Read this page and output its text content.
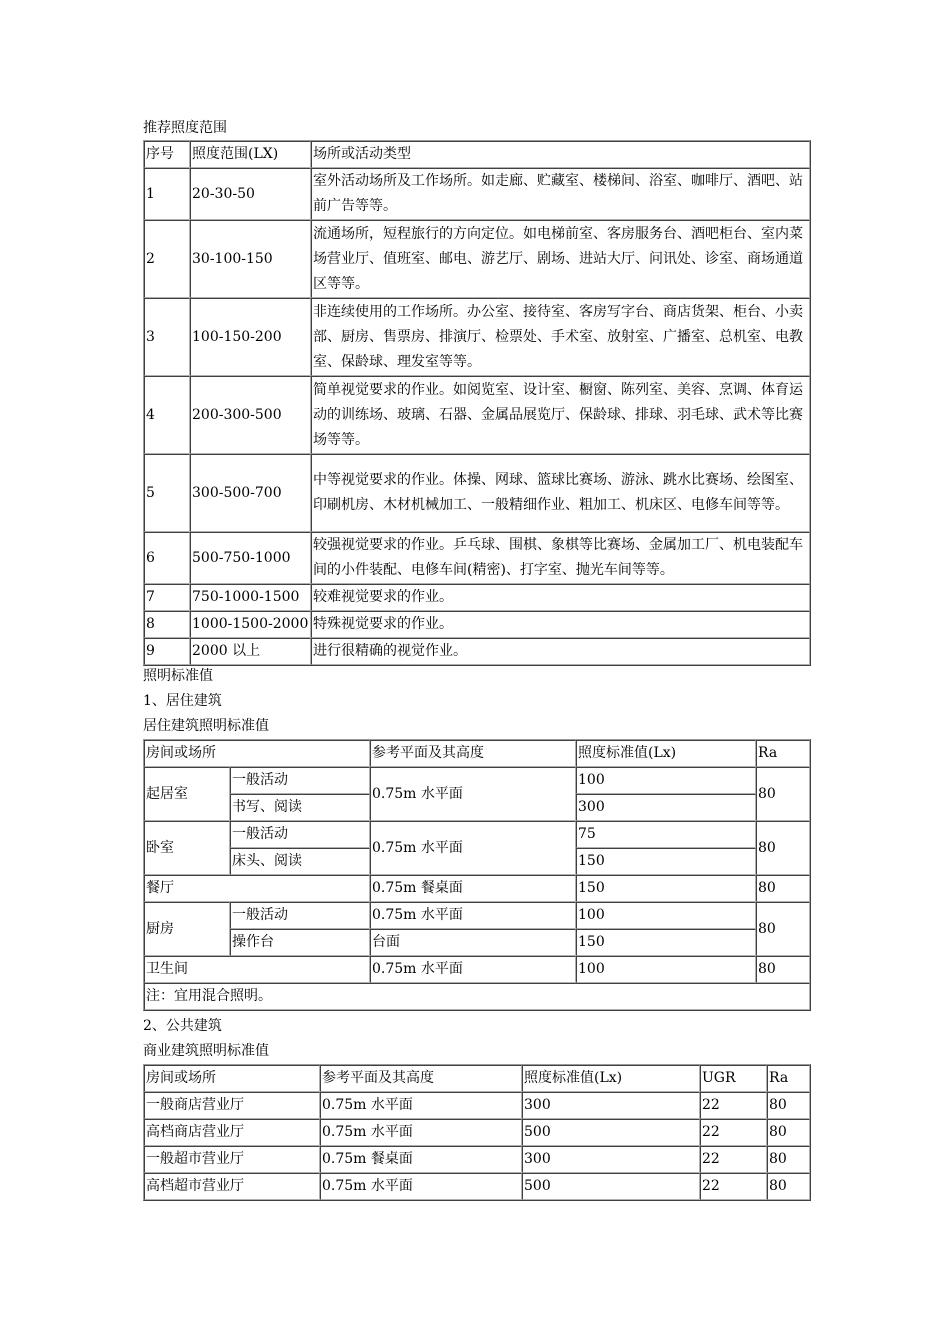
推荐照度范围
序号	照度范围(LX)	场所或活动类型
1	20-30-50	室外活动场所及工作场所。如走廊、贮藏室、楼梯间、浴室、咖啡厅、酒吧、站前广告等等。
2	30-100-150	流通场所，短程旅行的方向定位。如电梯前室、客房服务台、酒吧柜台、室内菜场营业厅、值班室、邮电、游艺厅、剧场、进站大厅、问讯处、诊室、商场通道区等等。
3	100-150-200	非连续使用的工作场所。办公室、接待室、客房写字台、商店货架、柜台、小卖部、厨房、售票房、排演厅、检票处、手术室、放射室、广播室、总机室、电教室、保龄球、理发室等等。
4	200-300-500	简单视觉要求的作业。如阅览室、设计室、橱窗、陈列室、美容、烹调、体育运动的训练场、玻璃、石器、金属品展览厅、保龄球、排球、羽毛球、武术等比赛场等等。
5	300-500-700	中等视觉要求的作业。体操、网球、篮球比赛场、游泳、跳水比赛场、绘图室、印刷机房、木材机械加工、一般精细作业、粗加工、机床区、电修车间等等。
6	500-750-1000	较强视觉要求的作业。乒乓球、围棋、象棋等比赛场、金属加工厂、机电装配车间的小件装配、电修车间(精密)、打字室、抛光车间等等。
7	750-1000-1500	较难视觉要求的作业。
8	1000-1500-2000	特殊视觉要求的作业。
9	2000 以上	进行很精确的视觉作业。
照明标准值
1、居住建筑
居住建筑照明标准值
房间或场所		参考平面及其高度	照度标准值(Lx)	Ra
起居室	一般活动	0.75m 水平面	100	80
	书写、阅读		300	
卧室	一般活动	0.75m 水平面	75	80
	床头、阅读		150	
餐厅		0.75m 餐桌面	150	80
厨房	一般活动	0.75m 水平面	100	80
	操作台	台面	150	
卫生间		0.75m 水平面	100	80
注：宜用混合照明。				
2、公共建筑
商业建筑照明标准值
房间或场所	参考平面及其高度	照度标准值(Lx)	UGR	Ra
一般商店营业厅	0.75m 水平面	300	22	80
高档商店营业厅	0.75m 水平面	500	22	80
一般超市营业厅	0.75m 餐桌面	300	22	80
高档超市营业厅	0.75m 水平面	500	22	80
